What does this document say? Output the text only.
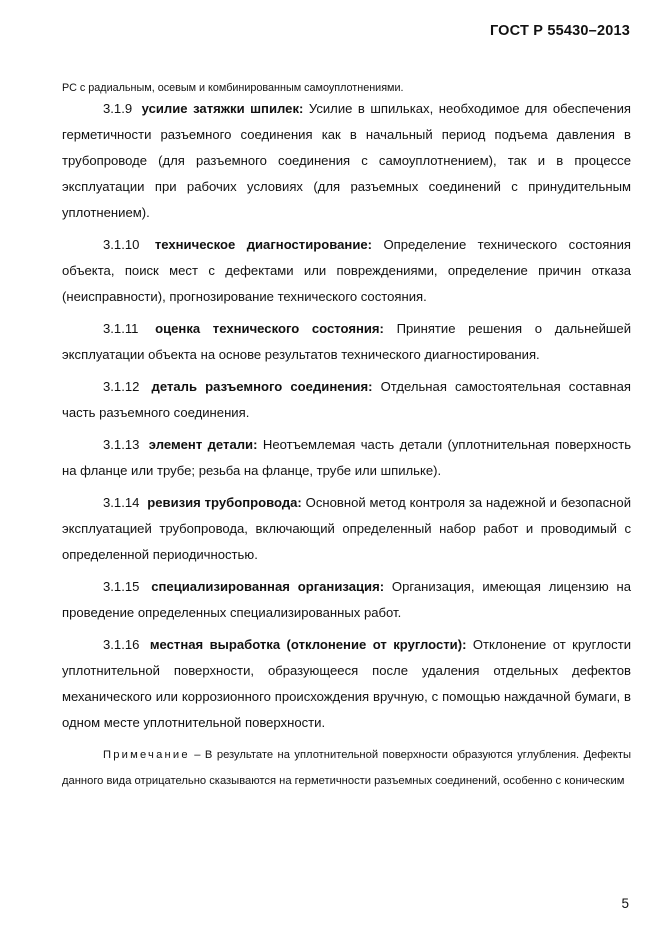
ГОСТ Р 55430–2013

РС с радиальным, осевым и комбинированным самоуплотнениями.

3.1.9 усилие затяжки шпилек: Усилие в шпильках, необходимое для обеспечения герметичности разъемного соединения как в начальный период подъема давления в трубопроводе (для разъемного соединения с самоуплотнением), так и в процессе эксплуатации при рабочих условиях (для разъемных соединений с принудительным уплотнением).

3.1.10 техническое диагностирование: Определение технического состояния объекта, поиск мест с дефектами или повреждениями, определение причин отказа (неисправности), прогнозирование технического состояния.

3.1.11 оценка технического состояния: Принятие решения о дальнейшей эксплуатации объекта на основе результатов технического диагностирования.

3.1.12 деталь разъемного соединения: Отдельная самостоятельная составная часть разъемного соединения.

3.1.13 элемент детали: Неотъемлемая часть детали (уплотнительная поверхность на фланце или трубе; резьба на фланце, трубе или шпильке).

3.1.14 ревизия трубопровода: Основной метод контроля за надежной и безопасной эксплуатацией трубопровода, включающий определенный набор работ и проводимый с определенной периодичностью.

3.1.15 специализированная организация: Организация, имеющая лицензию на проведение определенных специализированных работ.

3.1.16 местная выработка (отклонение от круглости): Отклонение от круглости уплотнительной поверхности, образующееся после удаления отдельных дефектов механического или коррозионного происхождения вручную, с помощью наждачной бумаги, в одном месте уплотнительной поверхности.

Примечание – В результате на уплотнительной поверхности образуются углубления. Дефекты данного вида отрицательно сказываются на герметичности разъемных соединений, особенно с коническим

5
